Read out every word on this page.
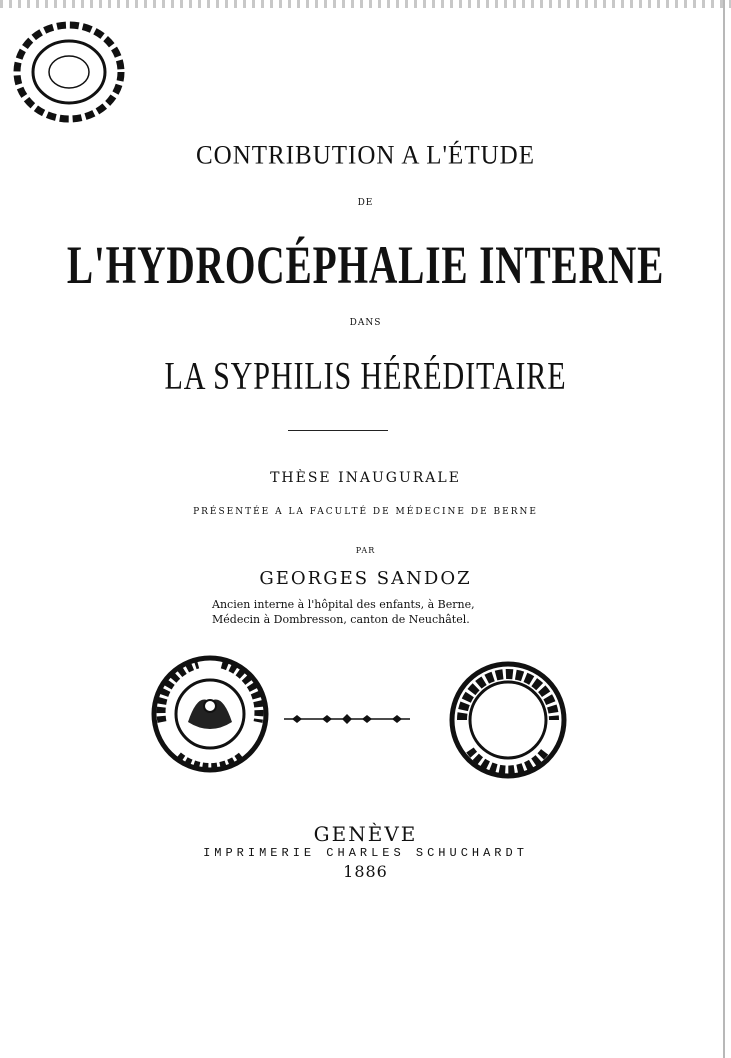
CONTRIBUTION A L'ÉTUDE
DE
L'HYDROCÉPHALIE INTERNE
DANS
LA SYPHILIS HÉRÉDITAIRE
THÈSE INAUGURALE
PRÉSENTÉE A LA FACULTÉ DE MÉDECINE DE BERNE
PAR
GEORGES SANDOZ
Ancien interne à l'hôpital des enfants, à Berne,
Médecin à Dombresson, canton de Neuchâtel.
GENÈVE
IMPRIMERIE CHARLES SCHUCHARDT
1886
